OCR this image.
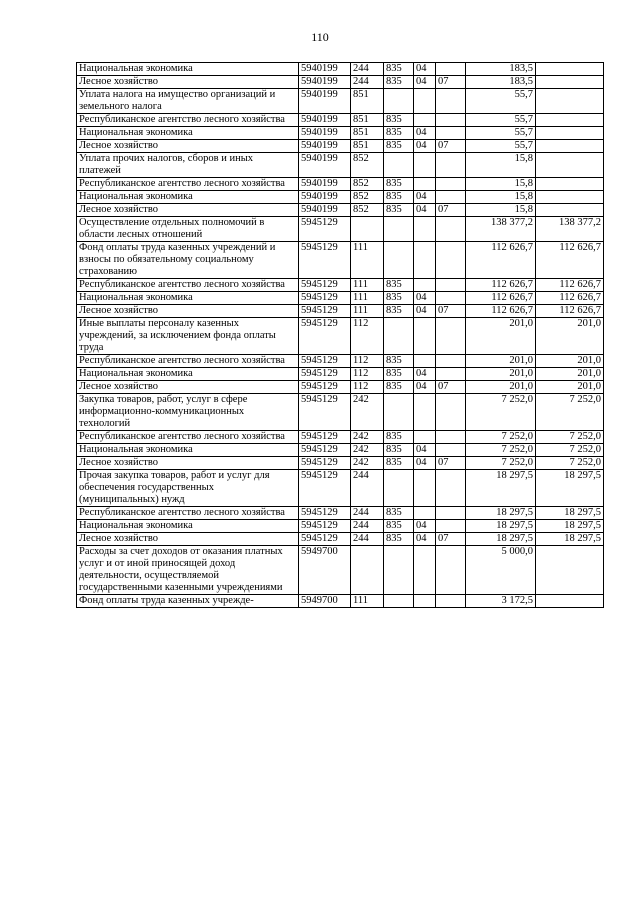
110
Национальная экономика	5940199	244	835	04		183,5	
Лесное хозяйство	5940199	244	835	04	07	183,5	
Уплата налога на имущество организаций и земельного налога	5940199	851				55,7	
Республиканское агентство лесного хозяйства	5940199	851	835			55,7	
Национальная экономика	5940199	851	835	04		55,7	
Лесное хозяйство	5940199	851	835	04	07	55,7	
Уплата прочих налогов, сборов и иных платежей	5940199	852				15,8	
Республиканское агентство лесного хозяйства	5940199	852	835			15,8	
Национальная экономика	5940199	852	835	04		15,8	
Лесное хозяйство	5940199	852	835	04	07	15,8	
Осуществление отдельных полномочий в области лесных отношений	5945129					138 377,2	138 377,2
Фонд оплаты труда казенных учреждений и взносы по обязательному социальному страхованию	5945129	111				112 626,7	112 626,7
Республиканское агентство лесного хозяйства	5945129	111	835			112 626,7	112 626,7
Национальная экономика	5945129	111	835	04		112 626,7	112 626,7
Лесное хозяйство	5945129	111	835	04	07	112 626,7	112 626,7
Иные выплаты персоналу казенных учреждений, за исключением фонда оплаты труда	5945129	112				201,0	201,0
Республиканское агентство лесного хозяйства	5945129	112	835			201,0	201,0
Национальная экономика	5945129	112	835	04		201,0	201,0
Лесное хозяйство	5945129	112	835	04	07	201,0	201,0
Закупка товаров, работ, услуг в сфере информационно-коммуникационных технологий	5945129	242				7 252,0	7 252,0
Республиканское агентство лесного хозяйства	5945129	242	835			7 252,0	7 252,0
Национальная экономика	5945129	242	835	04		7 252,0	7 252,0
Лесное хозяйство	5945129	242	835	04	07	7 252,0	7 252,0
Прочая закупка товаров, работ и услуг для обеспечения государственных (муниципальных) нужд	5945129	244				18 297,5	18 297,5
Республиканское агентство лесного хозяйства	5945129	244	835			18 297,5	18 297,5
Национальная экономика	5945129	244	835	04		18 297,5	18 297,5
Лесное хозяйство	5945129	244	835	04	07	18 297,5	18 297,5
Расходы за счет доходов от оказания платных услуг и от иной приносящей доход деятельности, осуществляемой государственными казенными учреждениями	5949700					5 000,0	
Фонд оплаты труда казенных учрежде-	5949700	111				3 172,5	
